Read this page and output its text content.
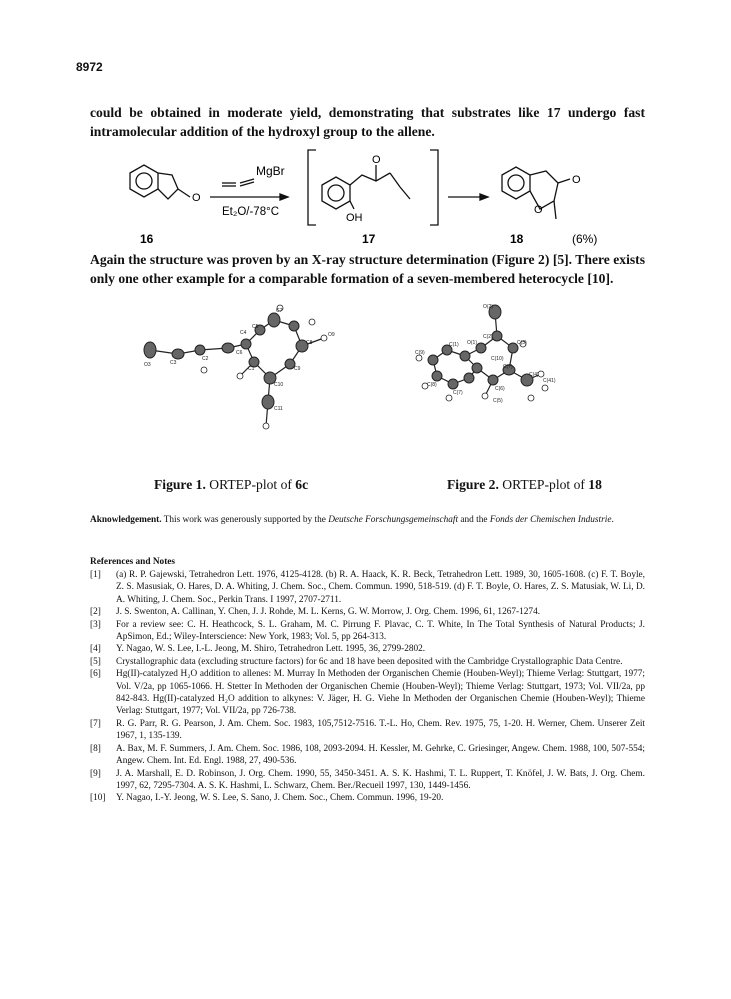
8972
could be obtained in moderate yield, demonstrating that substrates like 17 undergo fast intramolecular addition of the hydroxyl group to the allene.
MgBr
Et₂O/-78°C
O
O
OH
O
O
16	17	18	(6%)
Again the structure was proven by an X-ray structure determination (Figure 2) [5]. There exists only one other example for a comparable formation of a seven-membered heterocycle [10].
C7
C5
C4
C6
C8
O9
O3	C3
C2
C1	C9
C10
C11
O(2)
C(2)
C(3)
O(1)
C(1)
C(9)
C(10)
C(7)
C(4)
C(6)
C(8)
C(7)
C(5)
C(41)
Figure 1. ORTEP-plot of 6c	Figure 2. ORTEP-plot of 18
Aknowledgement. This work was generously supported by the Deutsche Forschungsgemeinschaft and the Fonds der Chemischen Industrie.
References and Notes
[1]	(a) R. P. Gajewski, Tetrahedron Lett. 1976, 4125-4128. (b) R. A. Haack, K. R. Beck, Tetrahedron Lett. 1989, 30, 1605-1608. (c) F. T. Boyle, Z. S. Masusiak, O. Hares, D. A. Whiting, J. Chem. Soc., Chem. Commun. 1990, 518-519. (d) F. T. Boyle, O. Hares, Z. S. Matusiak, W. Li, D. A. Whiting, J. Chem. Soc., Perkin Trans. I 1997, 2707-2711.
[2]	J. S. Swenton, A. Callinan, Y. Chen, J. J. Rohde, M. L. Kerns, G. W. Morrow, J. Org. Chem. 1996, 61, 1267-1274.
[3]	For a review see: C. H. Heathcock, S. L. Graham, M. C. Pirrung F. Plavac, C. T. White, In The Total Synthesis of Natural Products; J. ApSimon, Ed.; Wiley-Interscience: New York, 1983; Vol. 5, pp 264-313.
[4]	Y. Nagao, W. S. Lee, I.-L. Jeong, M. Shiro, Tetrahedron Lett. 1995, 36, 2799-2802.
[5]	Crystallographic data (excluding structure factors) for 6c and 18 have been deposited with the Cambridge Crystallographic Data Centre.
[6]	Hg(II)-catalyzed H₂O addition to allenes: M. Murray In Methoden der Organischen Chemie (Houben-Weyl); Thieme Verlag: Stuttgart, 1977; Vol. V/2a, pp 1065-1066. H. Stetter In Methoden der Organischen Chemie (Houben-Weyl); Thieme Verlag: Stuttgart, 1973; Vol. VII/2a, pp 842-843. Hg(II)-catalyzed H₂O addition to alkynes: V. Jäger, H. G. Viehe In Methoden der Organischen Chemie (Houben-Weyl); Thieme Verlag: Stuttgart, 1977; Vol. VII/2a, pp 726-738.
[7]	R. G. Parr, R. G. Pearson, J. Am. Chem. Soc. 1983, 105,7512-7516. T.-L. Ho, Chem. Rev. 1975, 75, 1-20. H. Werner, Chem. Unserer Zeit 1967, 1, 135-139.
[8]	A. Bax, M. F. Summers, J. Am. Chem. Soc. 1986, 108, 2093-2094. H. Kessler, M. Gehrke, C. Griesinger, Angew. Chem. 1988, 100, 507-554; Angew. Chem. Int. Ed. Engl. 1988, 27, 490-536.
[9]	J. A. Marshall, E. D. Robinson, J. Org. Chem. 1990, 55, 3450-3451. A. S. K. Hashmi, T. L. Ruppert, T. Knöfel, J. W. Bats, J. Org. Chem. 1997, 62, 7295-7304. A. S. K. Hashmi, L. Schwarz, Chem. Ber./Recueil 1997, 130, 1449-1456.
[10]	Y. Nagao, I.-Y. Jeong, W. S. Lee, S. Sano, J. Chem. Soc., Chem. Commun. 1996, 19-20.
